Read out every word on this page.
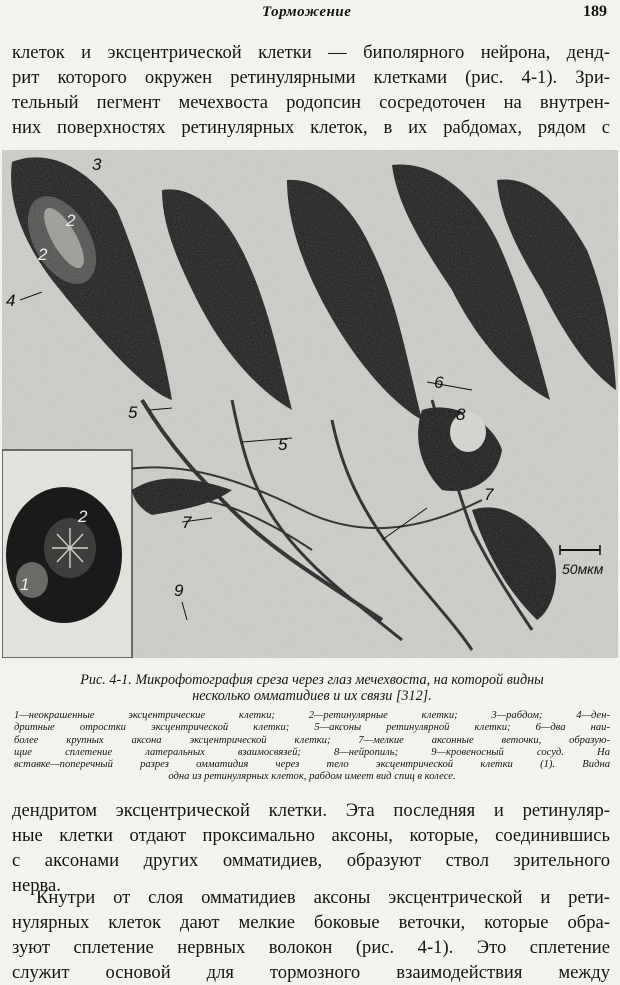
Торможение	189
клеток и эксцентрической клетки — биполярного нейрона, денд-
рит которого окружен ретинулярными клетками (рис. 4-1). Зри-
тельный пегмент мечехвоста родопсин сосредоточен на внутрен-
них поверхностях ретинулярных клеток, в их рабдомах, рядом с
50мкм
3
2
2
4
5
5
6
8
7
7
9
1
2
Рис. 4-1. Микрофотография среза через глаз мечехвоста, на которой видны
несколько омматидиев и их связи [312].
1—неокрашенные эксцентрические клетки; 2—ретинулярные клетки; 3—рабдом; 4—ден-
дритные отростки эксцентрической клетки; 5—аксоны ретинулярной клетки; 6—два наи-
более крупных аксона эксцентрической клетки; 7—мелкие аксонные веточки, образую-
щие сплетение латеральных взаимосвязей; 8—нейропиль; 9—кровеносный сосуд. На
вставке—поперечный разрез омматидия через тело эксцентрической клетки (1). Видна
одна из ретинулярных клеток, рабдом имеет вид спиц в колесе.
дендритом эксцентрической клетки. Эта последняя и ретинуляр-
ные клетки отдают проксимально аксоны, которые, соединившись
с аксонами других омматидиев, образуют ствол зрительного
нерва.
Кнутри от слоя омматидиев аксоны эксцентрической и рети-
нулярных клеток дают мелкие боковые веточки, которые обра-
зуют сплетение нервных волокон (рис. 4-1). Это сплетение
служит основой для тормозного взаимодействия между
